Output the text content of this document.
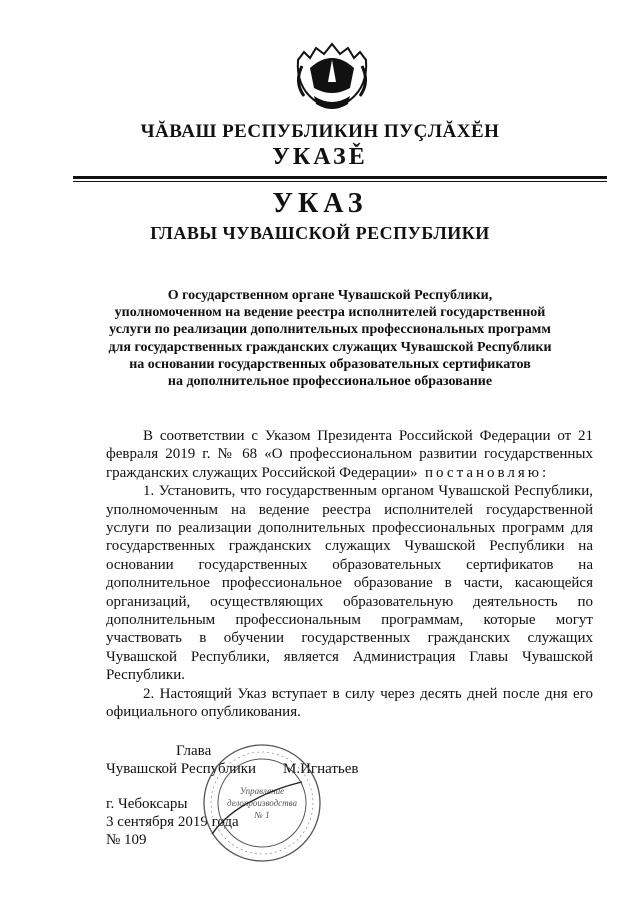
ЧĂВАШ РЕСПУБЛИКИН ПУÇЛĂХĔН
УКАЗĚ
УКАЗ
ГЛАВЫ ЧУВАШСКОЙ РЕСПУБЛИКИ
О государственном органе Чувашской Республики,
уполномоченном на ведение реестра исполнителей государственной
услуги по реализации дополнительных профессиональных программ
для государственных гражданских служащих Чувашской Республики
на основании государственных образовательных сертификатов
на дополнительное профессиональное образование

В соответствии с Указом Президента Российской Федерации от 21 февраля 2019 г. № 68 «О профессиональном развитии государственных гражданских служащих Российской Федерации» постановляю:

1. Установить, что государственным органом Чувашской Республики, уполномоченным на ведение реестра исполнителей государственной услуги по реализации дополнительных профессиональных программ для государственных гражданских служащих Чувашской Республики на основании государственных образовательных сертификатов на дополнительное профессиональное образование в части, касающейся организаций, осуществляющих образовательную деятельность по дополнительным профессиональным программам, которые могут участвовать в обучении государственных гражданских служащих Чувашской Республики, является Администрация Главы Чувашской Республики.

2. Настоящий Указ вступает в силу через десять дней после дня его официального опубликования.

Глава
Чувашской Республики М.Игнатьев
г. Чебоксары
3 сентября 2019 года
№ 109
Управление
делопроизводства
№ 1
